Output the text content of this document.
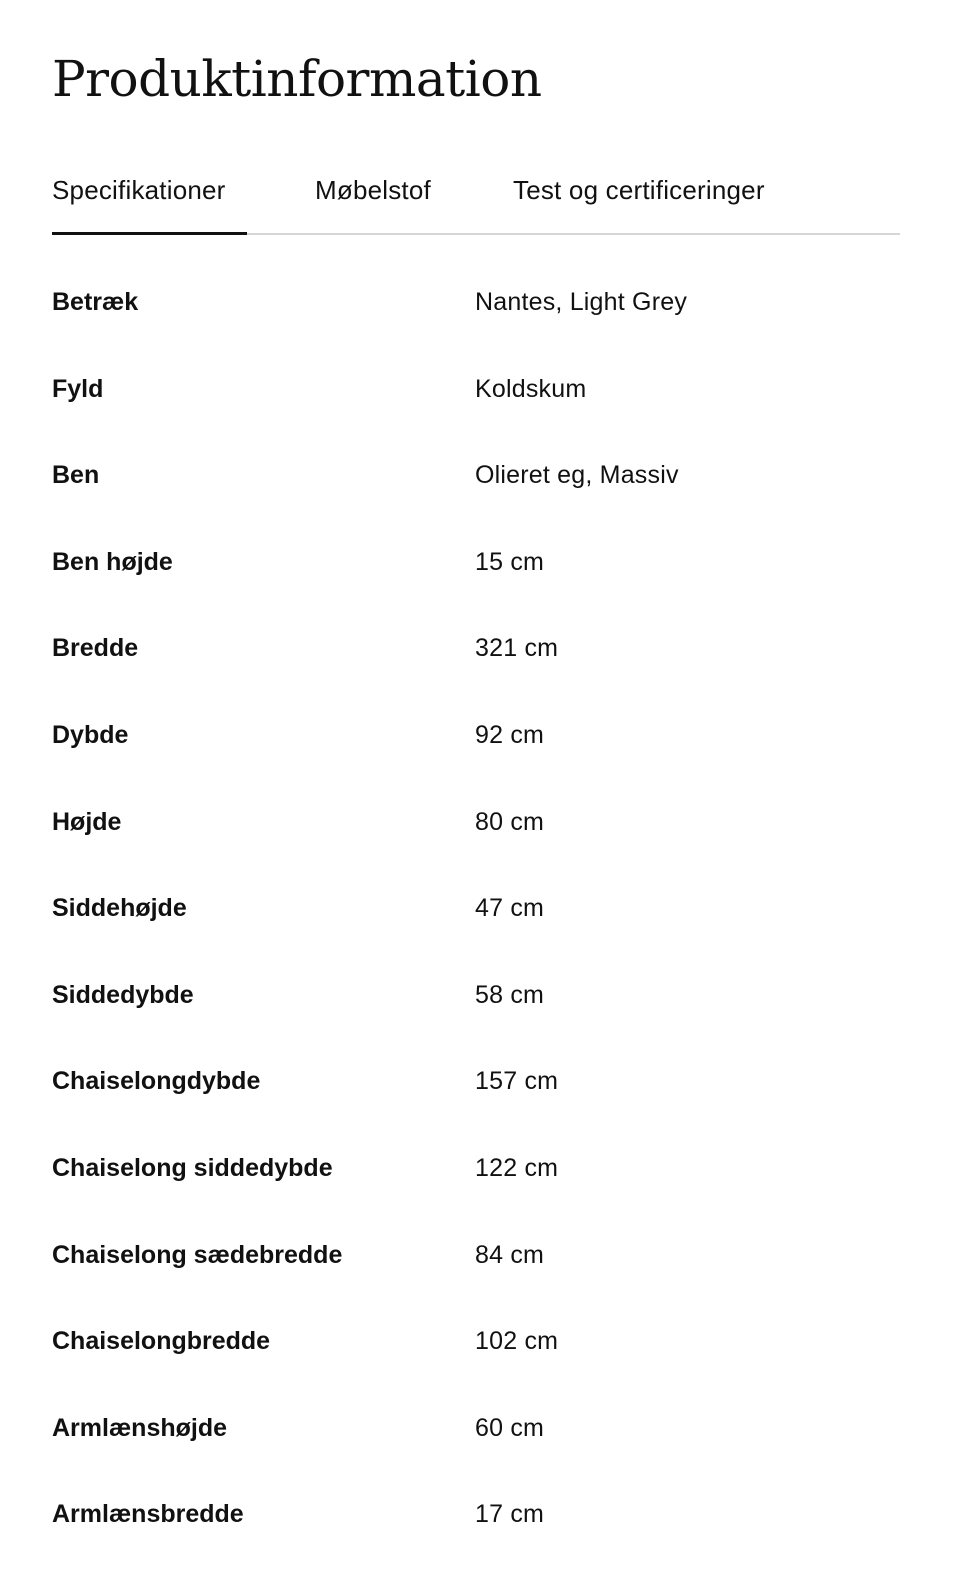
Produktinformation
Specifikationer	Møbelstof	Test og certificeringer
Betræk	Nantes, Light Grey
Fyld	Koldskum
Ben	Olieret eg, Massiv
Ben højde	15 cm
Bredde	321 cm
Dybde	92 cm
Højde	80 cm
Siddehøjde	47 cm
Siddedybde	58 cm
Chaiselongdybde	157 cm
Chaiselong siddedybde	122 cm
Chaiselong sædebredde	84 cm
Chaiselongbredde	102 cm
Armlænshøjde	60 cm
Armlænsbredde	17 cm
